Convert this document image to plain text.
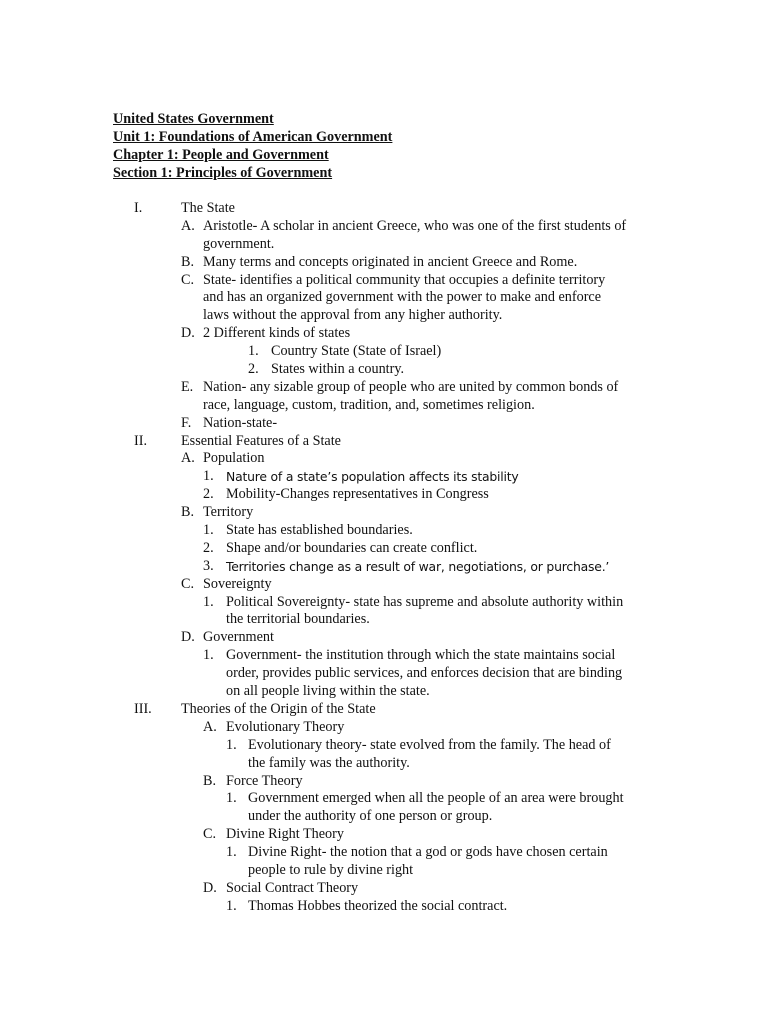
United States Government
Unit 1: Foundations of American Government
Chapter 1: People and Government
Section 1: Principles of Government
I.	The State
A. Aristotle- A scholar in ancient Greece, who was one of the first students of
government.
B. Many terms and concepts originated in ancient Greece and Rome.
C. State- identifies a political community that occupies a definite territory
and has an organized government with the power to make and enforce
laws without the approval from any higher authority.
D. 2 Different kinds of states
1. Country State (State of Israel)
2. States within a country.
E. Nation- any sizable group of people who are united by common bonds of
race, language, custom, tradition, and, sometimes religion.
F. Nation-state-
II. Essential Features of a State
A. Population
1. Nature of a state’s population affects its stability
2. Mobility-Changes representatives in Congress
B. Territory
1. State has established boundaries.
2. Shape and/or boundaries can create conflict.
3. Territories change as a result of war, negotiations, or purchase.’
C. Sovereignty
1. Political Sovereignty- state has supreme and absolute authority within
the territorial boundaries.
D. Government
1. Government- the institution through which the state maintains social
order, provides public services, and enforces decision that are binding
on all people living within the state.
III. Theories of the Origin of the State
A. Evolutionary Theory
1. Evolutionary theory- state evolved from the family. The head of
the family was the authority.
B. Force Theory
1. Government emerged when all the people of an area were brought
under the authority of one person or group.
C. Divine Right Theory
1. Divine Right- the notion that a god or gods have chosen certain
people to rule by divine right
D. Social Contract Theory
1. Thomas Hobbes theorized the social contract.
